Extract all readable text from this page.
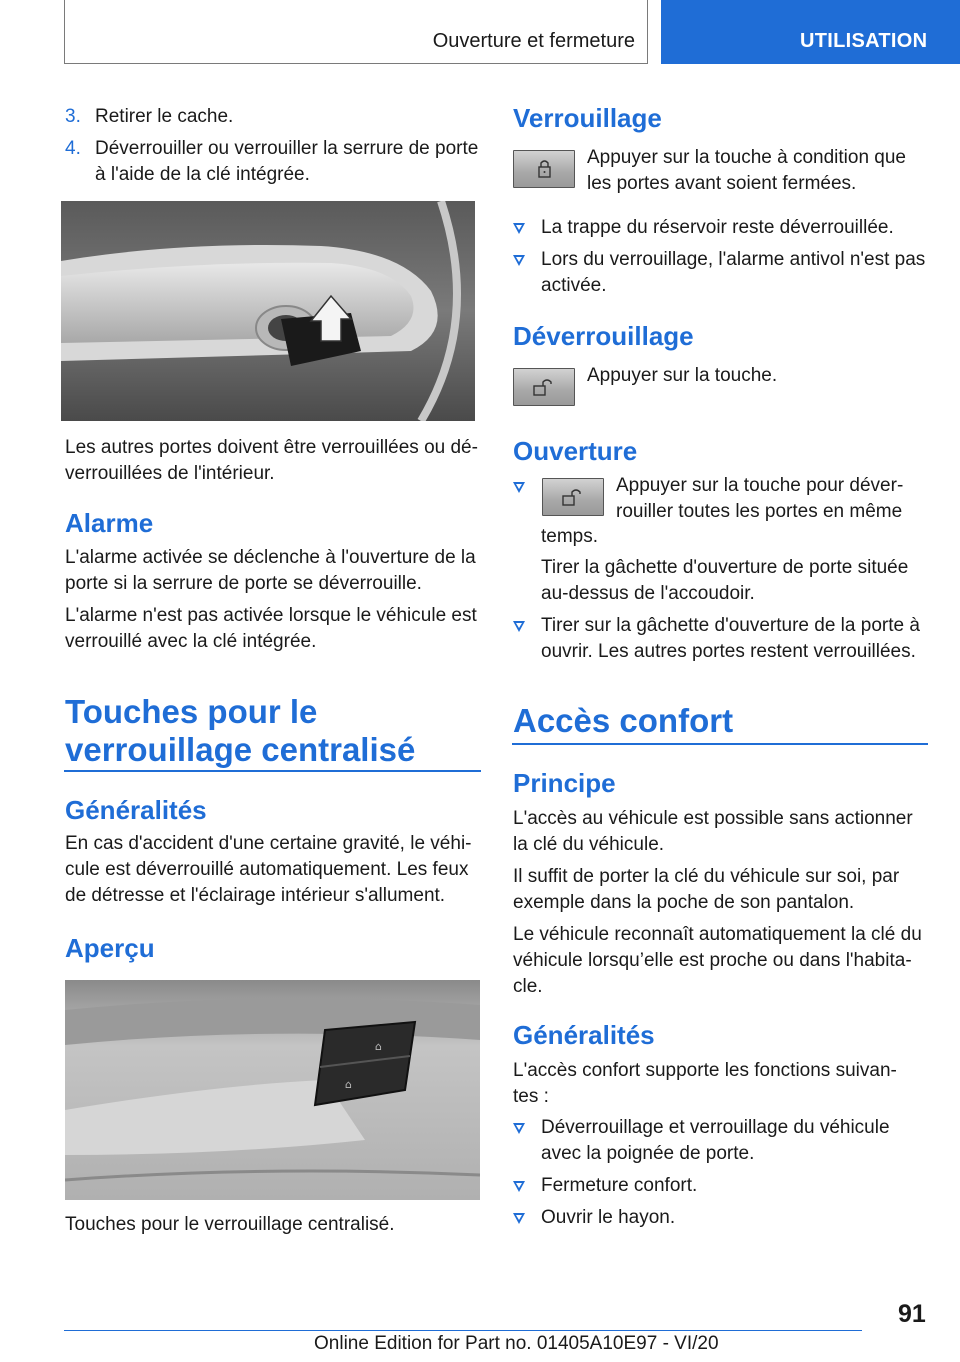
Ouverture et fermeture	UTILISATION
3. Retirer le cache.
4. Déverrouiller ou verrouiller la serrure de porte
à l'aide de la clé intégrée.
Les autres portes doivent être verrouillées ou dé-
verrouillées de l'intérieur.
Alarme
L'alarme activée se déclenche à l'ouverture de la
porte si la serrure de porte se déverrouille.
L'alarme n'est pas activée lorsque le véhicule est
verrouillé avec la clé intégrée.
Touches pour le
verrouillage centralisé
Généralités
En cas d'accident d'une certaine gravité, le véhi-
cule est déverrouillé automatiquement. Les feux
de détresse et l'éclairage intérieur s'allument.
Aperçu
⌂
⌂
Touches pour le verrouillage centralisé.
Verrouillage
Appuyer sur la touche à condition que
les portes avant soient fermées.
La trappe du réservoir reste déverrouillée.
Lors du verrouillage, l'alarme antivol n'est pas
activée.
Déverrouillage
Appuyer sur la touche.
Ouverture
Appuyer sur la touche pour déver-
rouiller toutes les portes en même
temps.
Tirer la gâchette d'ouverture de porte située
au-dessus de l'accoudoir.
Tirer sur la gâchette d'ouverture de la porte à
ouvrir. Les autres portes restent verrouillées.
Accès confort
Principe
L'accès au véhicule est possible sans actionner
la clé du véhicule.
Il suffit de porter la clé du véhicule sur soi, par
exemple dans la poche de son pantalon.
Le véhicule reconnaît automatiquement la clé du
véhicule lorsqu’elle est proche ou dans l'habita-
cle.
Généralités
L'accès confort supporte les fonctions suivan-
tes :
Déverrouillage et verrouillage du véhicule
avec la poignée de porte.
Fermeture confort.
Ouvrir le hayon.
91
Online Edition for Part no. 01405A10E97 - VI/20
